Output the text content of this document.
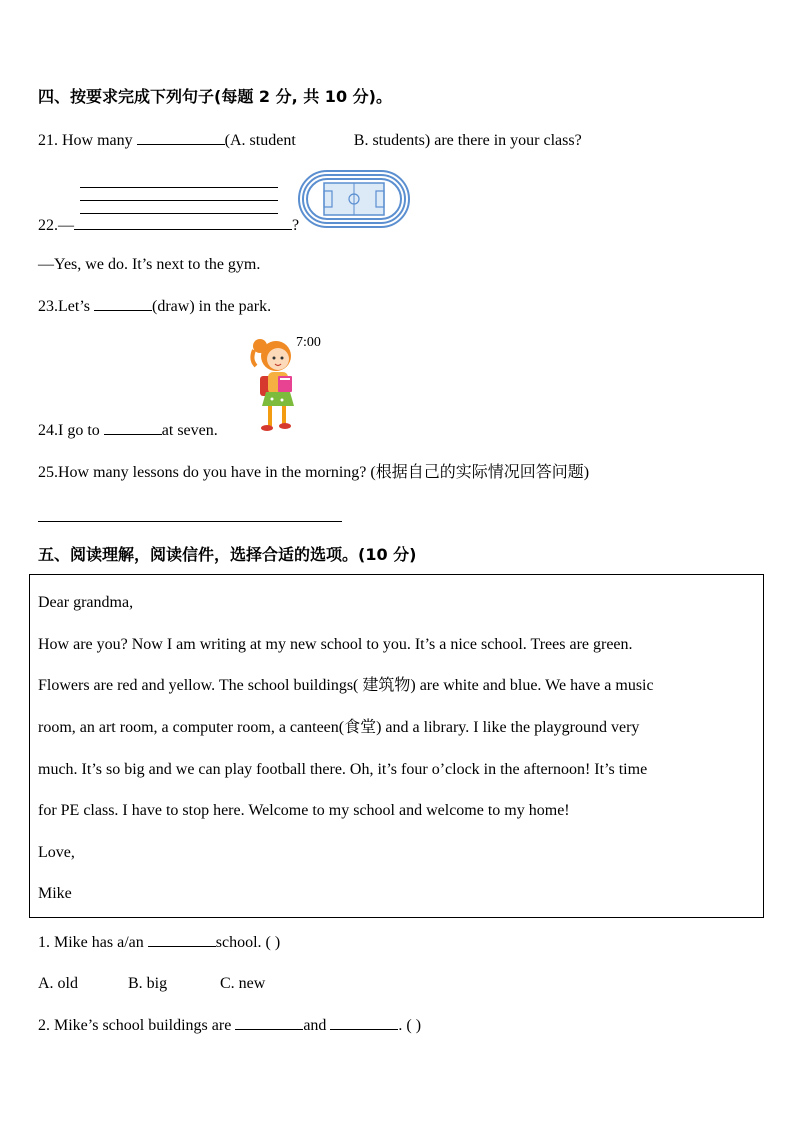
四、按要求完成下列句子(每题 2 分, 共 10 分)。
21. How many	(A. student	B. students) are there in your class?
22.—	?
—Yes, we do. It’s next to the gym.
23.Let’s	(draw) in the park.
7:00
24.I go to	at seven.
25.How many lessons do you have in the morning? (根据自己的实际情况回答问题)
五、阅读理解，阅读信件，选择合适的选项。(10 分)
Dear grandma,
How are you? Now I am writing at my new school to you. It’s a nice school. Trees are green.
Flowers are red and yellow. The school buildings( 建筑物) are white and blue. We have a music
room, an art room, a computer room, a canteen(食堂) and a library. I like the playground very
much. It’s so big and we can play football there. Oh, it’s four o’clock in the afternoon! It’s time
for PE class. I have to stop here. Welcome to my school and welcome to my home!
Love,
Mike
1. Mike has a/an	school. ( )
A. old	B. big	C. new
2. Mike’s school buildings are	and	. ( )
